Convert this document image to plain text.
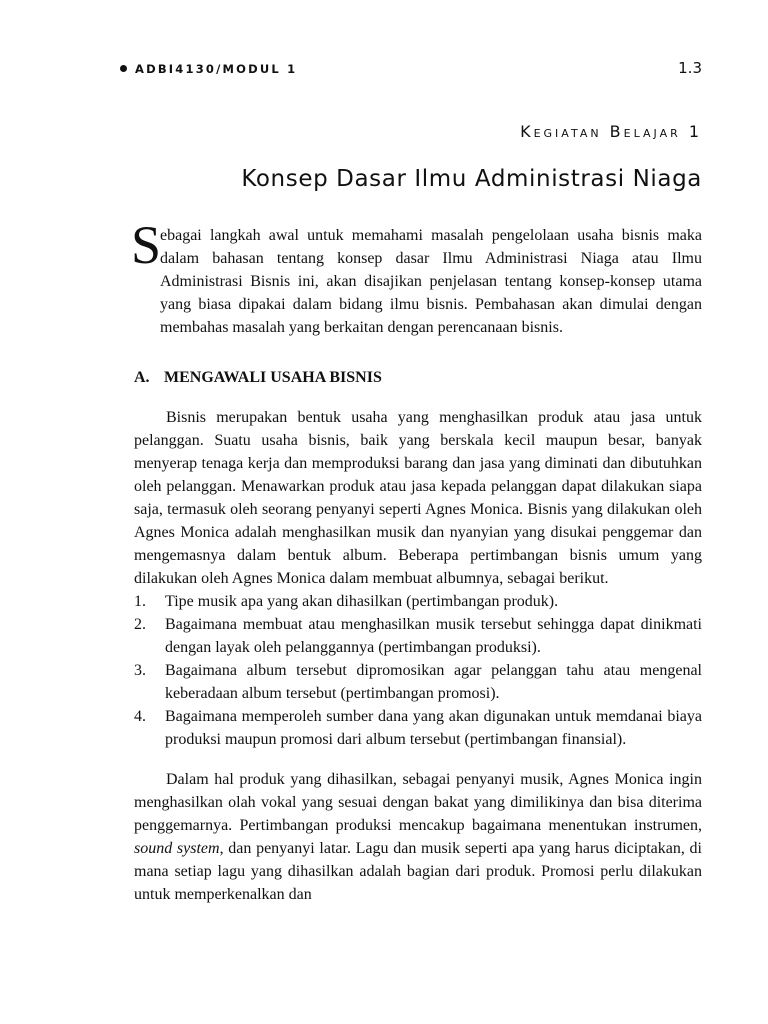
ADBI4130/MODUL 1	1.3
Kegiatan Belajar 1
Konsep Dasar Ilmu Administrasi Niaga

S
ebagai langkah awal untuk memahami masalah pengelolaan usaha bisnis maka dalam bahasan tentang konsep dasar Ilmu Administrasi Niaga atau Ilmu Administrasi Bisnis ini, akan disajikan penjelasan tentang konsep-konsep utama yang biasa dipakai dalam bidang ilmu bisnis. Pembahasan akan dimulai dengan membahas masalah yang berkaitan dengan perencanaan bisnis.

A. MENGAWALI USAHA BISNIS

Bisnis merupakan bentuk usaha yang menghasilkan produk atau jasa untuk pelanggan. Suatu usaha bisnis, baik yang berskala kecil maupun besar, banyak menyerap tenaga kerja dan memproduksi barang dan jasa yang diminati dan dibutuhkan oleh pelanggan. Menawarkan produk atau jasa kepada pelanggan dapat dilakukan siapa saja, termasuk oleh seorang penyanyi seperti Agnes Monica. Bisnis yang dilakukan oleh Agnes Monica adalah menghasilkan musik dan nyanyian yang disukai penggemar dan mengemasnya dalam bentuk album. Beberapa pertimbangan bisnis umum yang dilakukan oleh Agnes Monica dalam membuat albumnya, sebagai berikut.

1. Tipe musik apa yang akan dihasilkan (pertimbangan produk).
2. Bagaimana membuat atau menghasilkan musik tersebut sehingga dapat dinikmati dengan layak oleh pelanggannya (pertimbangan produksi).
3. Bagaimana album tersebut dipromosikan agar pelanggan tahu atau mengenal keberadaan album tersebut (pertimbangan promosi).
4. Bagaimana memperoleh sumber dana yang akan digunakan untuk memdanai biaya produksi maupun promosi dari album tersebut (pertimbangan finansial).

Dalam hal produk yang dihasilkan, sebagai penyanyi musik, Agnes Monica ingin menghasilkan olah vokal yang sesuai dengan bakat yang dimilikinya dan bisa diterima penggemarnya. Pertimbangan produksi mencakup bagaimana menentukan instrumen, sound system, dan penyanyi latar. Lagu dan musik seperti apa yang harus diciptakan, di mana setiap lagu yang dihasilkan adalah bagian dari produk. Promosi perlu dilakukan untuk memperkenalkan dan
